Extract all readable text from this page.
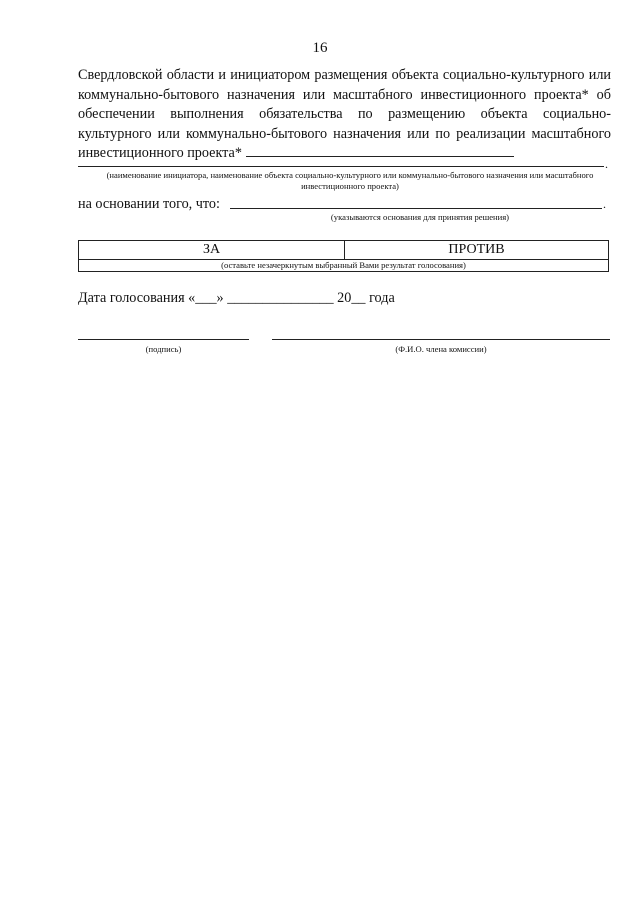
16
Свердловской области и инициатором размещения объекта социально-культурного или коммунально-бытового назначения или масштабного инвестиционного проекта* об обеспечении выполнения обязательства по размещению объекта социально-культурного или коммунально-бытового назначения или по реализации масштабного инвестиционного проекта*
.
(наименование инициатора, наименование объекта социально-культурного или коммунально-бытового назначения или масштабного инвестиционного проекта)
на основании того, что:	.
(указываются основания для принятия решения)
ЗА	ПРОТИВ
(оставьте незачеркнутым выбранный Вами результат голосования)
Дата голосования «___» _______________ 20__ года
(подпись)	(Ф.И.О. члена комиссии)
